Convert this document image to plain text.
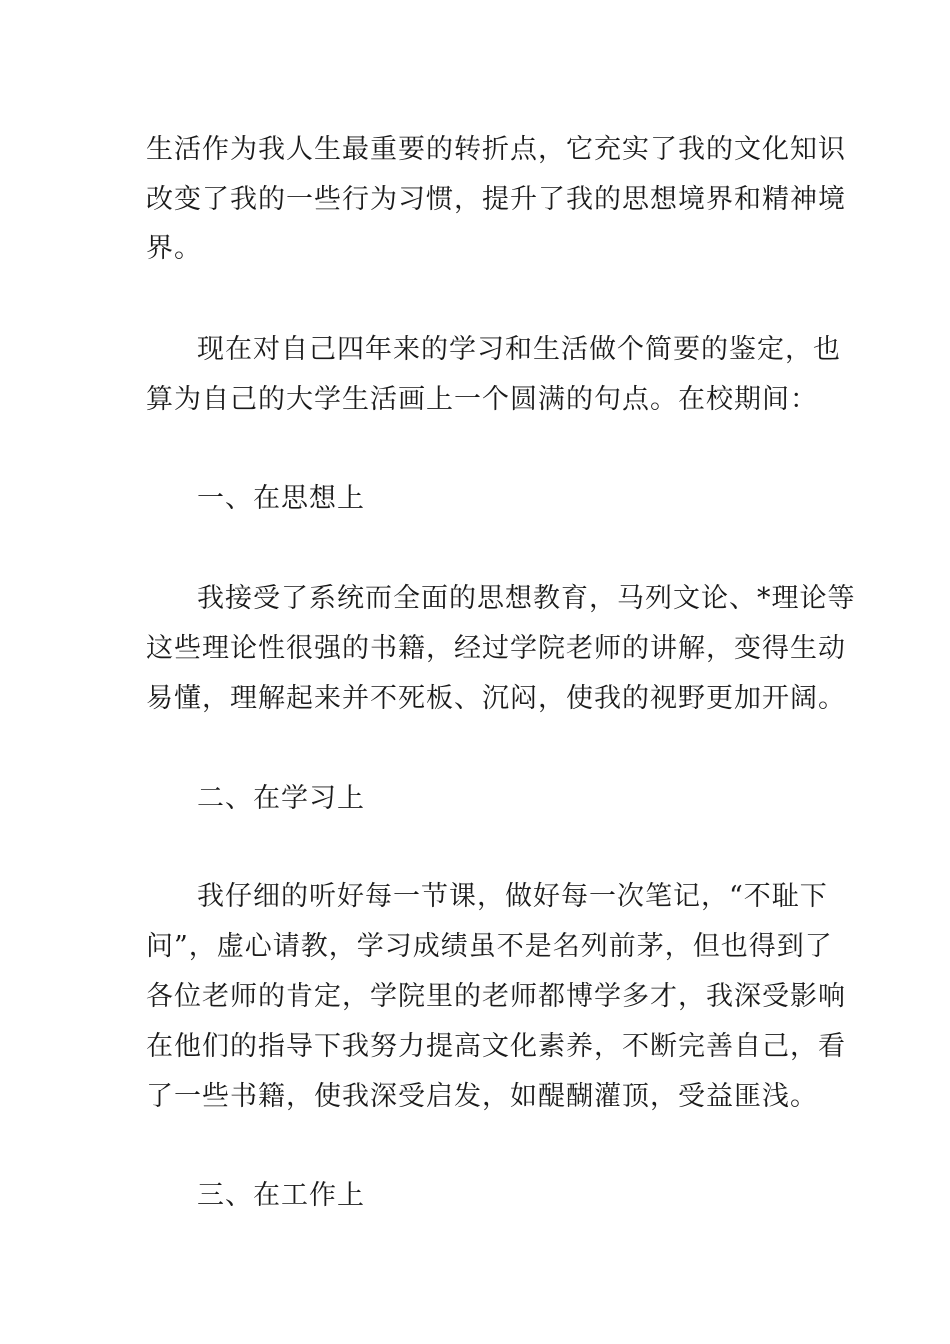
生活作为我人生最重要的转折点，它充实了我的文化知识
改变了我的一些行为习惯，提升了我的思想境界和精神境
界。
现在对自己四年来的学习和生活做个简要的鉴定，也
算为自己的大学生活画上一个圆满的句点。在校期间：
一、在思想上
我接受了系统而全面的思想教育，马列文论、*理论等
这些理论性很强的书籍，经过学院老师的讲解，变得生动
易懂，理解起来并不死板、沉闷，使我的视野更加开阔。
二、在学习上
我仔细的听好每一节课，做好每一次笔记，“不耻下
问”，虚心请教，学习成绩虽不是名列前茅，但也得到了
各位老师的肯定，学院里的老师都博学多才，我深受影响
在他们的指导下我努力提高文化素养，不断完善自己，看
了一些书籍，使我深受启发，如醍醐灌顶，受益匪浅。
三、在工作上
